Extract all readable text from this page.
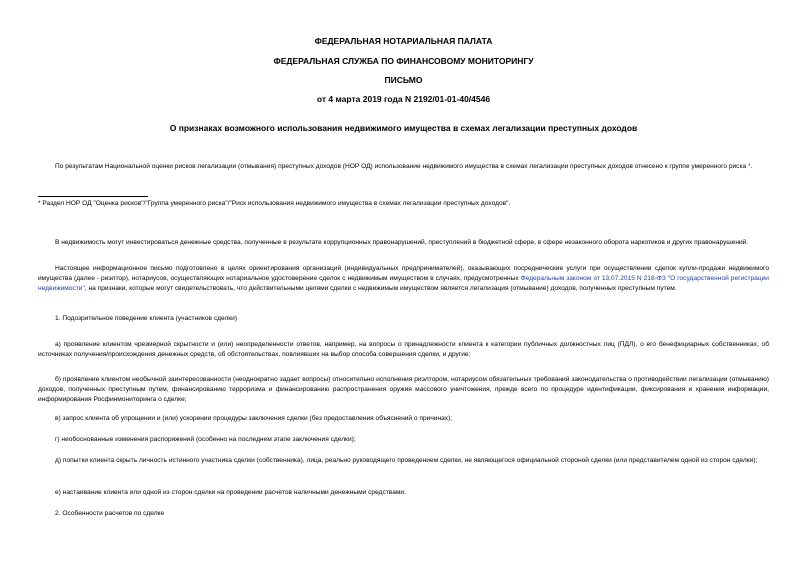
ФЕДЕРАЛЬНАЯ НОТАРИАЛЬНАЯ ПАЛАТА
ФЕДЕРАЛЬНАЯ СЛУЖБА ПО ФИНАНСОВОМУ МОНИТОРИНГУ
ПИСЬМО
от 4 марта 2019 года N 2192/01-01-40/4546
О признаках возможного использования недвижимого имущества в схемах легализации преступных доходов
По результатам Национальной оценки рисков легализации (отмывания) преступных доходов (НОР ОД) использование недвижимого имущества в схемах легализации преступных доходов отнесено к группе умеренного риска *.
* Раздел НОР ОД "Оценка рисков"/"Группа умеренного риска"/"Риск использования недвижимого имущества в схемах легализации преступных доходов".
В недвижимость могут инвестироваться денежные средства, полученные в результате коррупционных правонарушений, преступлений в бюджетной сфере, в сфере незаконного оборота наркотиков и других правонарушений.
Настоящее информационное письмо подготовлено в целях ориентирования организаций (индивидуальных предпринимателей), оказывающих посреднические услуги при осуществлении сделок купли-продажи недвижимого имущества (далее - риэлтор), нотариусов, осуществляющих нотариальное удостоверение сделок с недвижимым имуществом в случаях, предусмотренных Федеральным законом от 13.07.2015 N 218-ФЗ "О государственной регистрации недвижимости", на признаки, которые могут свидетельствовать, что действительными целями сделки с недвижимым имуществом является легализация (отмывание) доходов, полученных преступным путем.
1. Подозрительное поведение клиента (участников сделки)
а) проявление клиентом чрезмерной скрытности и (или) неопределенности ответов, например, на вопросы о принадлежности клиента к категории публичных должностных лиц (ПДЛ), о его бенефициарных собственниках, об источниках получения/происхождения денежных средств, об обстоятельствах, повлиявших на выбор способа совершения сделки, и другие;
б) проявление клиентом необычной заинтересованности (неоднократно задает вопросы) относительно исполнения риэлтором, нотариусом обязательных требований законодательства о противодействии легализации (отмыванию) доходов, полученных преступным путем, финансированию терроризма и финансированию распространения оружия массового уничтожения, прежде всего по процедуре идентификации, фиксирования и хранения информации, информирования Росфинмониторинга о сделке;
в) запрос клиента об упрощении и (или) ускорении процедуры заключения сделки (без предоставления объяснений о причинах);
г) необоснованные изменения распоряжений (особенно на последнем этапе заключения сделки);
д) попытки клиента скрыть личность истинного участника сделки (собственника), лица, реально руководящего проведением сделки, не являющегося официальной стороной сделки (или представителем одной из сторон сделки);
е) настаивание клиента или одной из сторон сделки на проведении расчетов наличными денежными средствами.
2. Особенности расчетов по сделке
